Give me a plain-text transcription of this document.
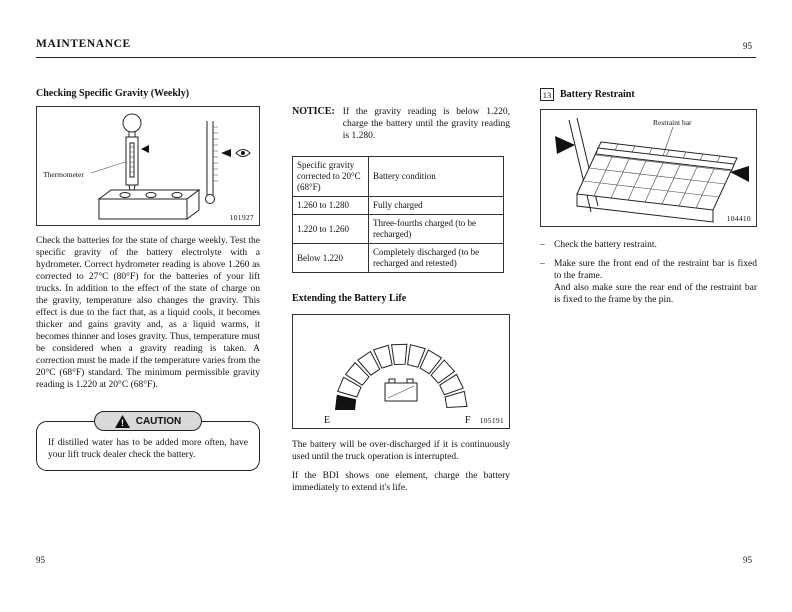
MAINTENANCE	95
Checking Specific Gravity (Weekly)
Thermometer
101927

Check the batteries for the state of charge weekly. Test the specific gravity of the battery electrolyte with a hydrometer. Correct hydrometer reading is above 1.260 as corrected to 27°C (80°F) for the batteries of your lift trucks. In addition to the effect of the state of charge on the gravity, temperature also changes the gravity. This effect is due to the fact that, as a liquid cools, it becomes thicker and gains gravity and, as a liquid warms, it becomes thinner and loses gravity. Thus, temperature must be considered when a gravity reading is taken. A correction must be made if the temperature varies from the 20°C (68°F) standard. The minimum permissible gravity reading is 1.220 at 20°C (68°F).

! CAUTION

If distilled water has to be added more often, have your lift truck dealer check the battery.

NOTICE: If the gravity reading is below 1.220, charge the battery until the gravity reading is 1.280.
Specific gravity corrected to 20°C (68°F)	Battery condition
1.260 to 1.280	Fully charged
1.220 to 1.260	Three-fourths charged (to be recharged)
Below 1.220	Completely discharged (to be recharged and retested)
Extending the Battery Life
E	F 105191

The battery will be over-discharged if it is continuously used until the truck operation is interrupted.

If the BDI shows one element, charge the battery immediately to extend it's life.

13 Battery Restraint
Restraint bar
104410
– Check the battery restraint.
– Make sure the front end of the restraint bar is fixed to the frame.
And also make sure the rear end of the restraint bar is fixed to the frame by the pin.
95	95
